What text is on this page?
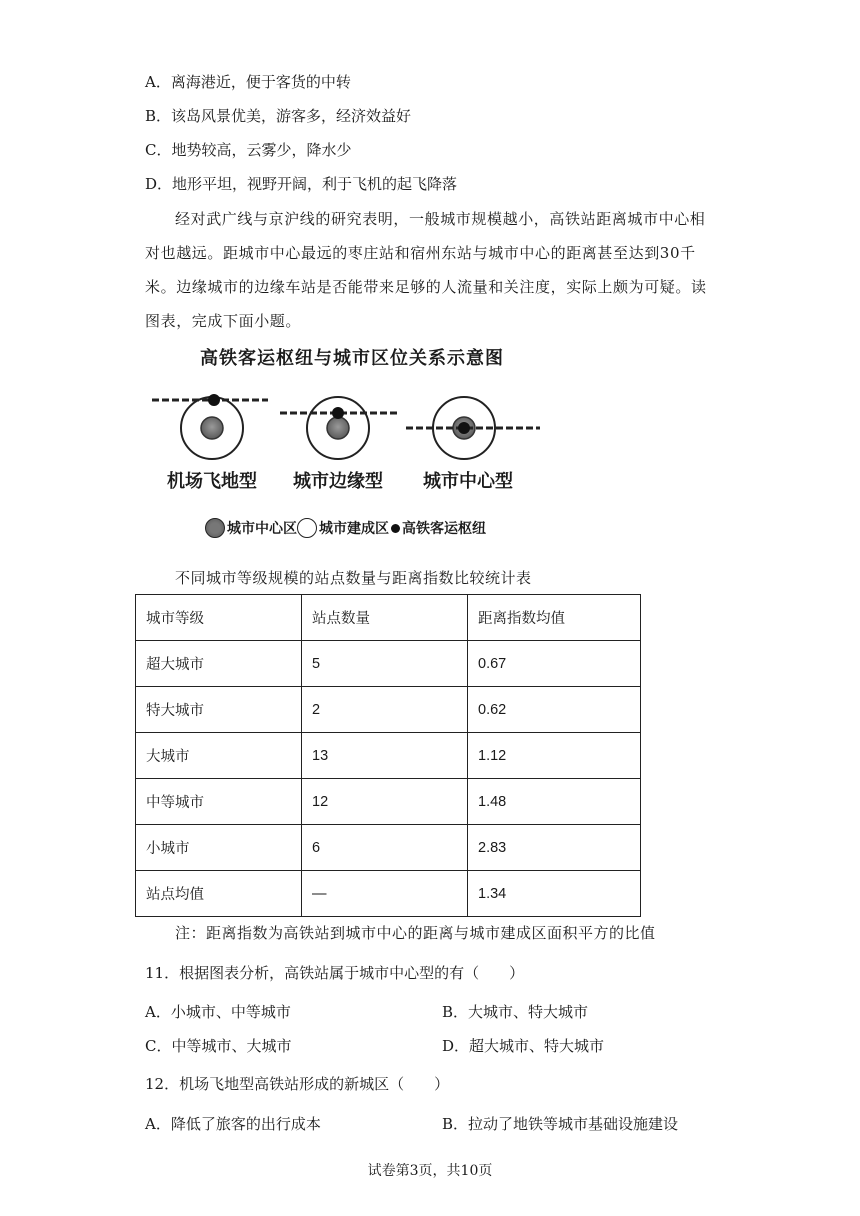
A．离海港近，便于客货的中转
B．该岛风景优美，游客多，经济效益好
C．地势较高，云雾少，降水少
D．地形平坦，视野开阔，利于飞机的起飞降落
经对武广线与京沪线的研究表明，一般城市规模越小，高铁站距离城市中心相对也越远。距城市中心最远的枣庄站和宿州东站与城市中心的距离甚至达到30千米。边缘城市的边缘车站是否能带来足够的人流量和关注度，实际上颇为可疑。读图表，完成下面小题。
高铁客运枢纽与城市区位关系示意图
机场飞地型 城市边缘型 城市中心型
城市中心区 城市建成区 高铁客运枢纽
不同城市等级规模的站点数量与距离指数比较统计表
城市等级	站点数量	距离指数均值
超大城市	5	0.67
特大城市	2	0.62
大城市	13	1.12
中等城市	12	1.48
小城市	6	2.83
站点均值	—	1.34
注：距离指数为高铁站到城市中心的距离与城市建成区面积平方的比值
11．根据图表分析，高铁站属于城市中心型的有（　　）
A．小城市、中等城市	B．大城市、特大城市
C．中等城市、大城市	D．超大城市、特大城市
12．机场飞地型高铁站形成的新城区（　　）
A．降低了旅客的出行成本	B．拉动了地铁等城市基础设施建设
试卷第3页，共10页
